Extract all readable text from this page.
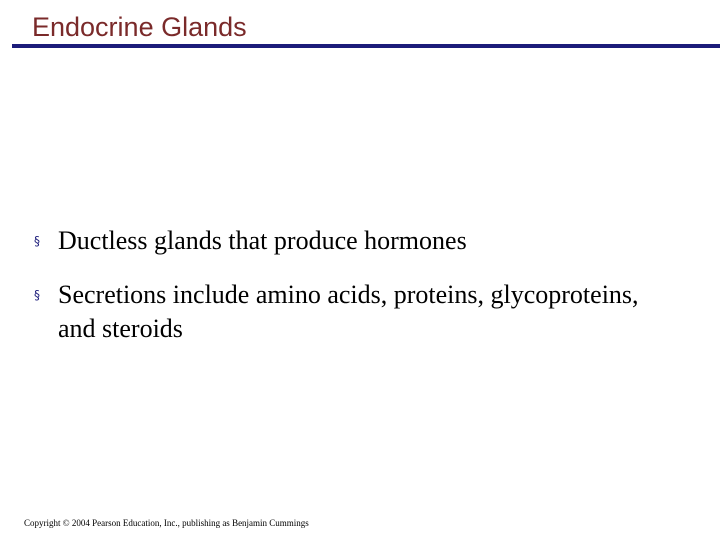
Endocrine Glands
§ Ductless glands that produce hormones
§ Secretions include amino acids, proteins, glycoproteins, and steroids
Copyright © 2004 Pearson Education, Inc., publishing as Benjamin Cummings
